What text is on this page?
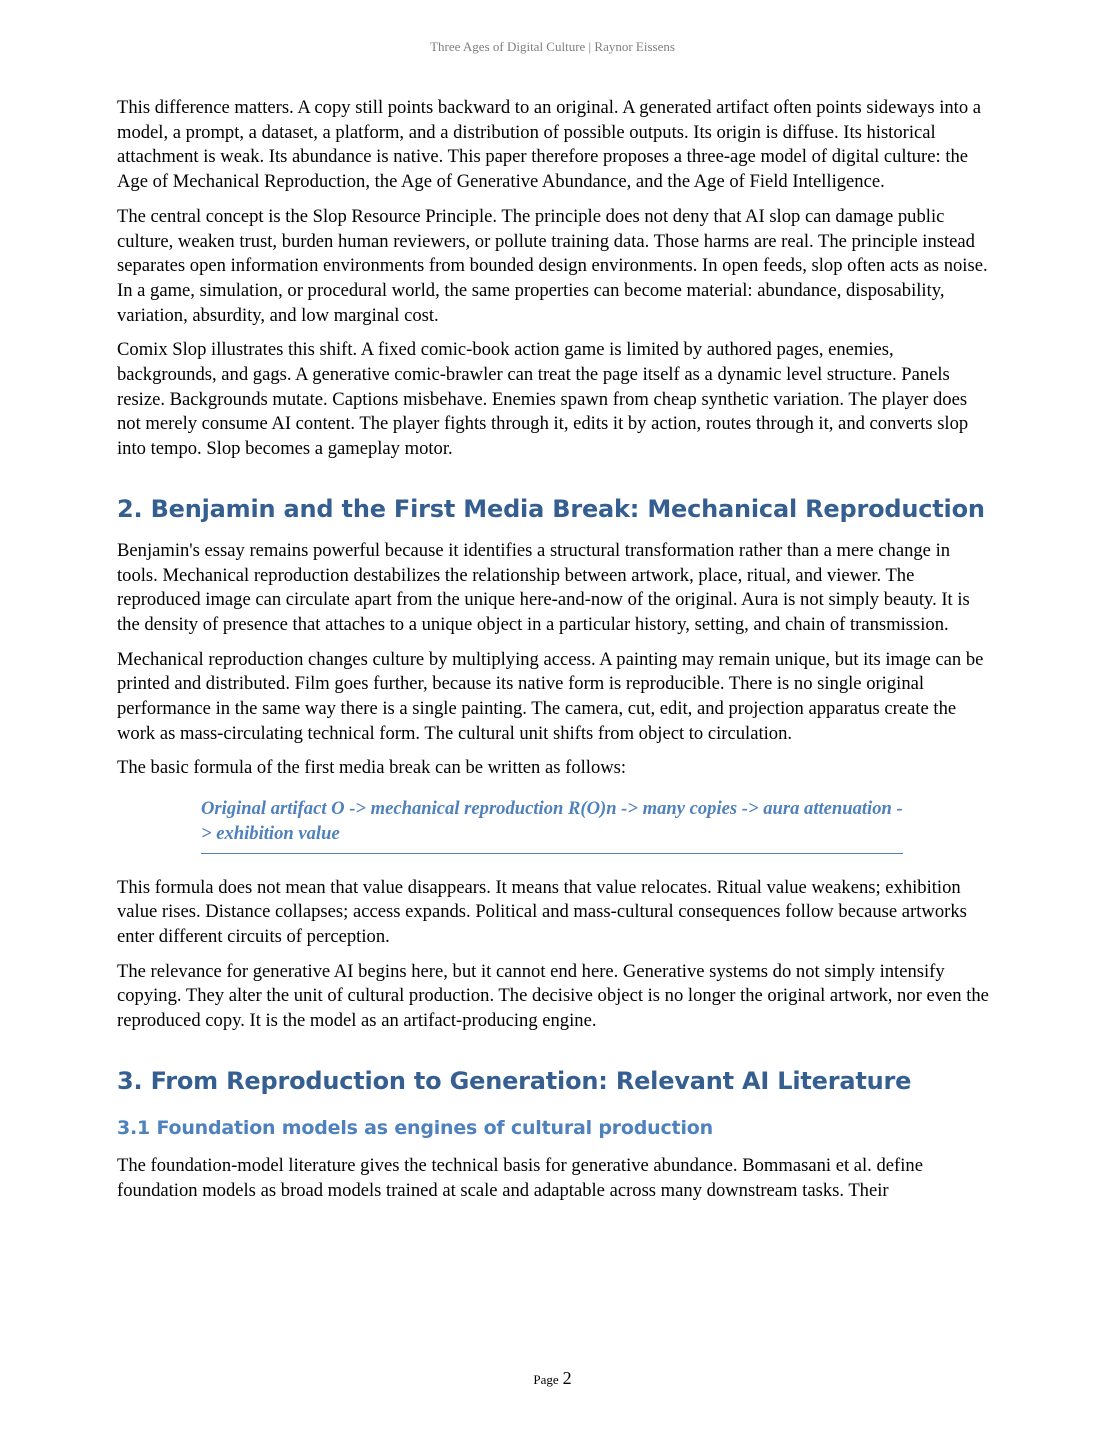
Three Ages of Digital Culture | Raynor Eissens

This difference matters. A copy still points backward to an original. A generated artifact often points sideways into a model, a prompt, a dataset, a platform, and a distribution of possible outputs. Its origin is diffuse. Its historical attachment is weak. Its abundance is native. This paper therefore proposes a three-age model of digital culture: the Age of Mechanical Reproduction, the Age of Generative Abundance, and the Age of Field Intelligence.

The central concept is the Slop Resource Principle. The principle does not deny that AI slop can damage public culture, weaken trust, burden human reviewers, or pollute training data. Those harms are real. The principle instead separates open information environments from bounded design environments. In open feeds, slop often acts as noise. In a game, simulation, or procedural world, the same properties can become material: abundance, disposability, variation, absurdity, and low marginal cost.

Comix Slop illustrates this shift. A fixed comic-book action game is limited by authored pages, enemies, backgrounds, and gags. A generative comic-brawler can treat the page itself as a dynamic level structure. Panels resize. Backgrounds mutate. Captions misbehave. Enemies spawn from cheap synthetic variation. The player does not merely consume AI content. The player fights through it, edits it by action, routes through it, and converts slop into tempo. Slop becomes a gameplay motor.

2. Benjamin and the First Media Break: Mechanical Reproduction

Benjamin's essay remains powerful because it identifies a structural transformation rather than a mere change in tools. Mechanical reproduction destabilizes the relationship between artwork, place, ritual, and viewer. The reproduced image can circulate apart from the unique here-and-now of the original. Aura is not simply beauty. It is the density of presence that attaches to a unique object in a particular history, setting, and chain of transmission.

Mechanical reproduction changes culture by multiplying access. A painting may remain unique, but its image can be printed and distributed. Film goes further, because its native form is reproducible. There is no single original performance in the same way there is a single painting. The camera, cut, edit, and projection apparatus create the work as mass-circulating technical form. The cultural unit shifts from object to circulation.

The basic formula of the first media break can be written as follows:

Original artifact O -> mechanical reproduction R(O)n -> many copies -> aura attenuation -> exhibition value

This formula does not mean that value disappears. It means that value relocates. Ritual value weakens; exhibition value rises. Distance collapses; access expands. Political and mass-cultural consequences follow because artworks enter different circuits of perception.

The relevance for generative AI begins here, but it cannot end here. Generative systems do not simply intensify copying. They alter the unit of cultural production. The decisive object is no longer the original artwork, nor even the reproduced copy. It is the model as an artifact-producing engine.

3. From Reproduction to Generation: Relevant AI Literature
3.1 Foundation models as engines of cultural production

The foundation-model literature gives the technical basis for generative abundance. Bommasani et al. define foundation models as broad models trained at scale and adaptable across many downstream tasks. Their

Page 2
